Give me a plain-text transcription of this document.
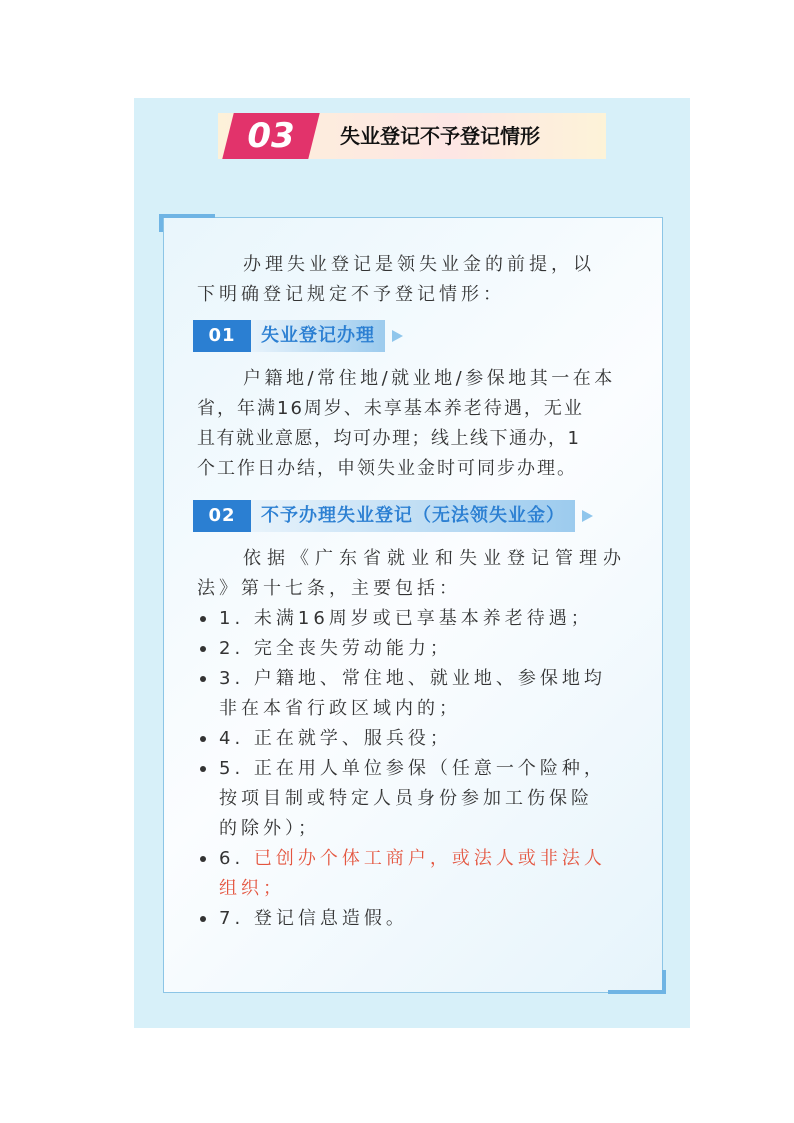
03	失业登记不予登记情形
办理失业登记是领失业金的前提，以
下明确登记规定不予登记情形：
01	失业登记办理
户籍地/常住地/就业地/参保地其一在本
省，年满16周岁、未享基本养老待遇，无业
且有就业意愿，均可办理；线上线下通办，1
个工作日办结，申领失业金时可同步办理。
02	不予办理失业登记（无法领失业金）
依据《广东省就业和失业登记管理办
法》第十七条，主要包括：
1. 未满16周岁或已享基本养老待遇；
2. 完全丧失劳动能力；
3. 户籍地、常住地、就业地、参保地均
非在本省行政区域内的；
4. 正在就学、服兵役；
5. 正在用人单位参保（任意一个险种，
按项目制或特定人员身份参加工伤保险
的除外）；
6. 已创办个体工商户，或法人或非法人
组织；
7. 登记信息造假。
